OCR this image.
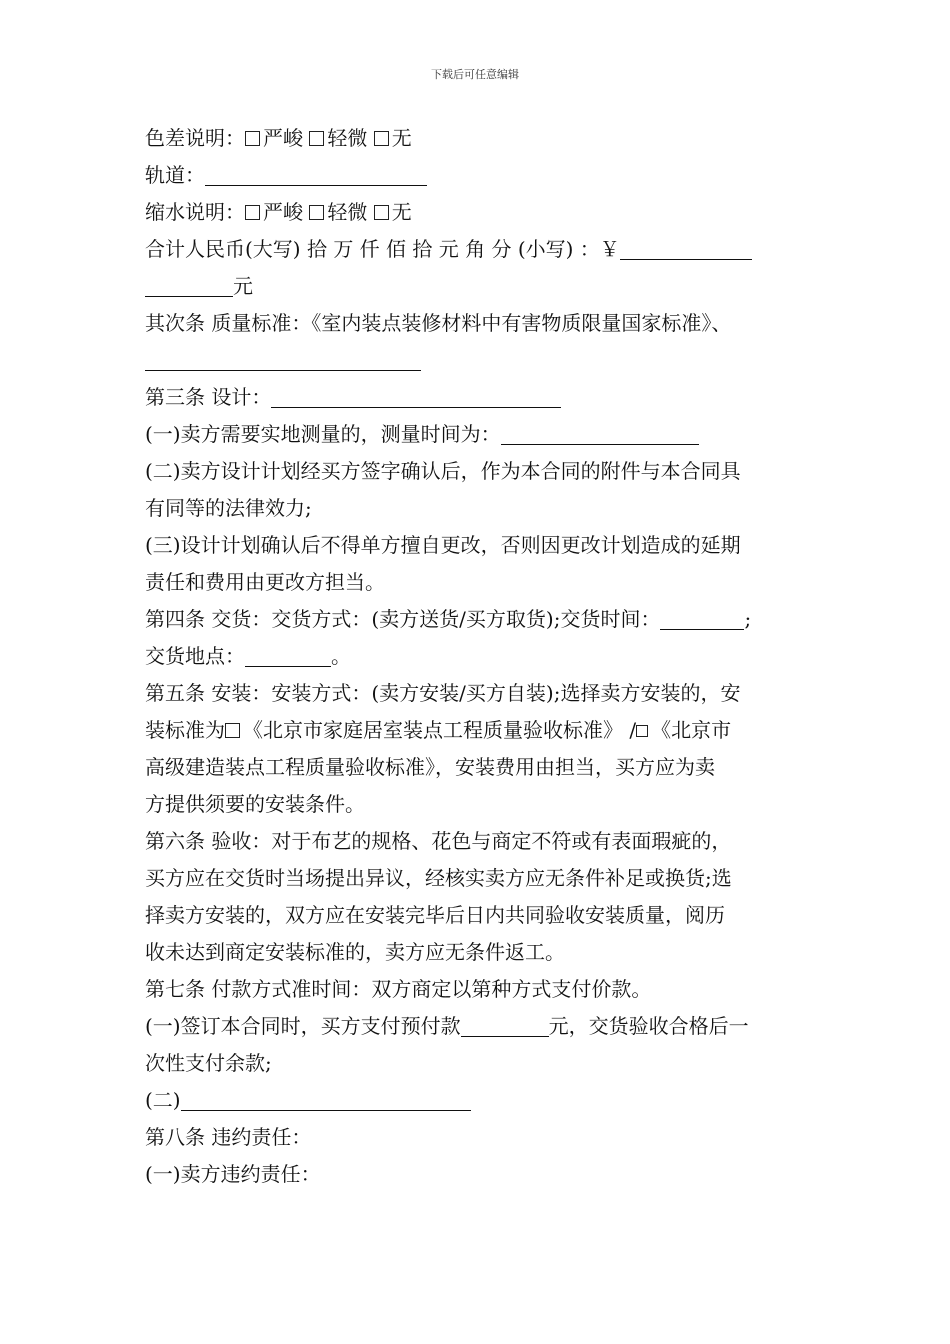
下载后可任意编辑
色差说明： 严峻 轻微 无
轨道：
缩水说明： 严峻 轻微 无
合计人民币(大写) 拾 万 仟 佰 拾 元 角 分 (小写) ：￥
元
其次条 质量标准：《室内装点装修材料中有害物质限量国家标准》、
第三条 设计：
(一)卖方需要实地测量的，测量时间为：
(二)卖方设计计划经买方签字确认后，作为本合同的附件与本合同具
有同等的法律效力;
(三)设计计划确认后不得单方擅自更改，否则因更改计划造成的延期
责任和费用由更改方担当。
第四条 交货：交货方式：(卖方送货/买方取货);交货时间：	;
交货地点：	。
第五条 安装：安装方式：(卖方安装/买方自装);选择卖方安装的，安
装标准为 《北京市家庭居室装点工程质量验收标准》 / 《北京市
高级建造装点工程质量验收标准》，安装费用由担当，买方应为卖
方提供须要的安装条件。
第六条 验收：对于布艺的规格、花色与商定不符或有表面瑕疵的，
买方应在交货时当场提出异议，经核实卖方应无条件补足或换货;选
择卖方安装的，双方应在安装完毕后日内共同验收安装质量，阅历
收未达到商定安装标准的，卖方应无条件返工。
第七条 付款方式准时间：双方商定以第种方式支付价款。
(一)签订本合同时，买方支付预付款	元，交货验收合格后一
次性支付余款;
(二)
第八条 违约责任：
(一)卖方违约责任：
